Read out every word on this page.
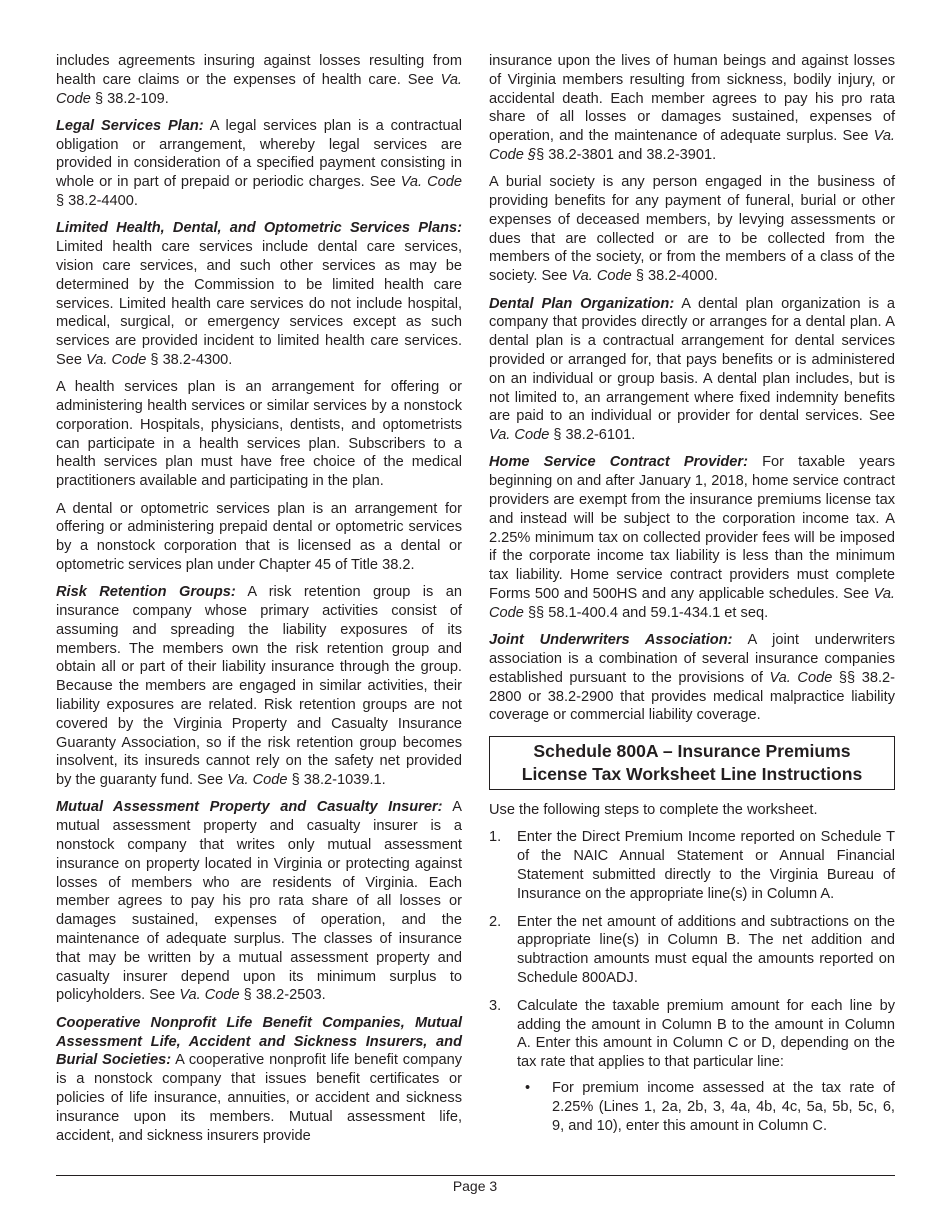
includes agreements insuring against losses resulting from health care claims or the expenses of health care. See Va. Code § 38.2-109.

Legal Services Plan: A legal services plan is a contractual obligation or arrangement, whereby legal services are provided in consideration of a specified payment consisting in whole or in part of prepaid or periodic charges. See Va. Code § 38.2-4400.

Limited Health, Dental, and Optometric Services Plans:Limited health care services include dental care services, vision care services, and such other services as may be determined by the Commission to be limited health care services. Limited health care services do not include hospital, medical, surgical, or emergency services except as such services are provided incident to limited health care services. See Va. Code § 38.2-4300.

A health services plan is an arrangement for offering or administering health services or similar services by a nonstock corporation. Hospitals, physicians, dentists, and optometrists can participate in a health services plan. Subscribers to a health services plan must have free choice of the medical practitioners available and participating in the plan.

A dental or optometric services plan is an arrangement for offering or administering prepaid dental or optometric services by a nonstock corporation that is licensed as a dental or optometric services plan under Chapter 45 of Title 38.2.

Risk Retention Groups: A risk retention group is an insurance company whose primary activities consist of assuming and spreading the liability exposures of its members. The members own the risk retention group and obtain all or part of their liability insurance through the group. Because the members are engaged in similar activities, their liability exposures are related. Risk retention groups are not covered by the Virginia Property and Casualty Insurance Guaranty Association, so if the risk retention group becomes insolvent, its insureds cannot rely on the safety net provided by the guaranty fund. See Va. Code § 38.2-1039.1.

Mutual Assessment Property and Casualty Insurer: A mutual assessment property and casualty insurer is a nonstock company that writes only mutual assessment insurance on property located in Virginia or protecting against losses of members who are residents of Virginia. Each member agrees to pay his pro rata share of all losses or damages sustained, expenses of operation, and the maintenance of adequate surplus. The classes of insurance that may be written by a mutual assessment property and casualty insurer depend upon its minimum surplus to policyholders. See Va. Code § 38.2-2503.

Cooperative Nonprofit Life Benefit Companies, Mutual Assessment Life, Accident and Sickness Insurers, and Burial Societies: A cooperative nonprofit life benefit company is a nonstock company that issues benefit certificates or policies of life insurance, annuities, or accident and sickness insurance upon its members. Mutual assessment life, accident, and sickness insurers provide

insurance upon the lives of human beings and against losses of Virginia members resulting from sickness, bodily injury, or accidental death. Each member agrees to pay his pro rata share of all losses or damages sustained, expenses of operation, and the maintenance of adequate surplus. See Va. Code §§ 38.2-3801 and 38.2-3901.

A burial society is any person engaged in the business of providing benefits for any payment of funeral, burial or other expenses of deceased members, by levying assessments or dues that are collected or are to be collected from the members of the society, or from the members of a class of the society. See Va. Code § 38.2-4000.

Dental Plan Organization: A dental plan organization is a company that provides directly or arranges for a dental plan. A dental plan is a contractual arrangement for dental services provided or arranged for, that pays benefits or is administered on an individual or group basis. A dental plan includes, but is not limited to, an arrangement where fixed indemnity benefits are paid to an individual or provider for dental services. See Va. Code § 38.2-6101.

Home Service Contract Provider: For taxable years beginning on and after January 1, 2018, home service contract providers are exempt from the insurance premiums license tax and instead will be subject to the corporation income tax. A 2.25% minimum tax on collected provider fees will be imposed if the corporate income tax liability is less than the minimum tax liability. Home service contract providers must complete Forms 500 and 500HS and any applicable schedules. See Va. Code §§ 58.1-400.4 and 59.1-434.1 et seq.

Joint Underwriters Association: A joint underwriters association is a combination of several insurance companies established pursuant to the provisions of Va. Code §§ 38.2-2800 or 38.2-2900 that provides medical malpractice liability coverage or commercial liability coverage.

Schedule 800A – Insurance Premiums
License Tax Worksheet Line Instructions

Use the following steps to complete the worksheet.

1. Enter the Direct Premium Income reported on Schedule T of the NAIC Annual Statement or Annual Financial Statement submitted directly to the Virginia Bureau of Insurance on the appropriate line(s) in Column A.
2. Enter the net amount of additions and subtractions on the appropriate line(s) in Column B. The net addition and subtraction amounts must equal the amounts reported on Schedule 800ADJ.
3. Calculate the taxable premium amount for each line by adding the amount in Column B to the amount in Column A. Enter this amount in Column C or D, depending on the tax rate that applies to that particular line:
• For premium income assessed at the tax rate of 2.25% (Lines 1, 2a, 2b, 3, 4a, 4b, 4c, 5a, 5b, 5c, 6, 9, and 10), enter this amount in Column C.
Page 3
